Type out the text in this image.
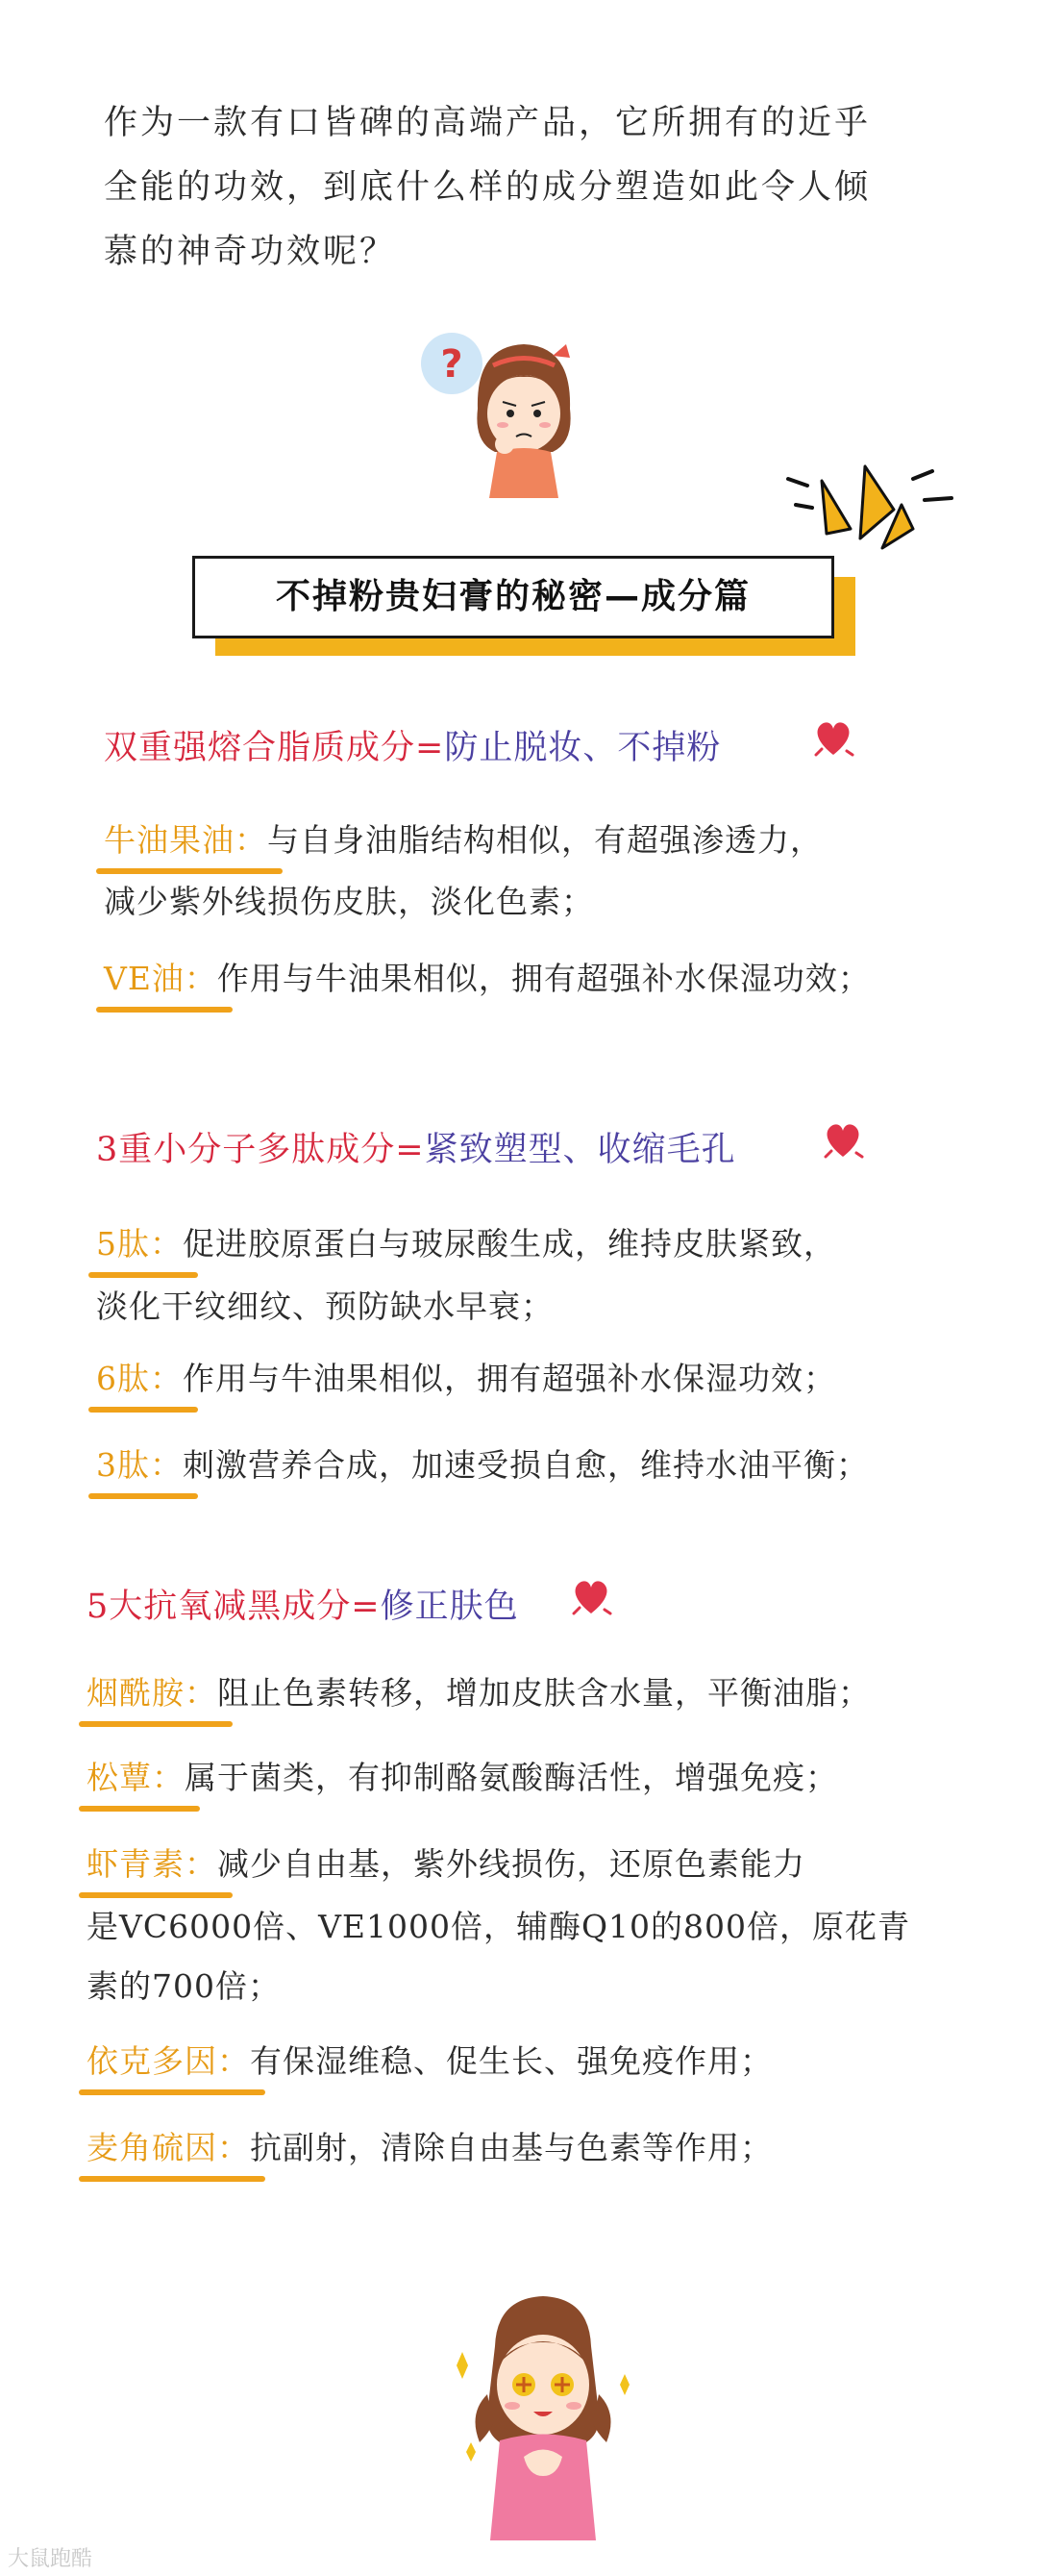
作为一款有口皆碑的高端产品，它所拥有的近乎
全能的功效，到底什么样的成分塑造如此令人倾
慕的神奇功效呢？
?
不掉粉贵妇膏的秘密—成分篇
双重强熔合脂质成分=防止脱妆、不掉粉
牛油果油：
与自身油脂结构相似，有超强渗透力，
减少紫外线损伤皮肤，淡化色素；
VE油：
作用与牛油果相似，拥有超强补水保湿功效；
3重小分子多肽成分=紧致塑型、收缩毛孔
5肽：
促进胶原蛋白与玻尿酸生成，维持皮肤紧致，
淡化干纹细纹、预防缺水早衰；
6肽：
作用与牛油果相似，拥有超强补水保湿功效；
3肽：
刺激营养合成，加速受损自愈，维持水油平衡；
5大抗氧减黑成分=修正肤色
烟酰胺：
阻止色素转移，增加皮肤含水量，平衡油脂；
松蕈：
属于菌类，有抑制酪氨酸酶活性，增强免疫；
虾青素：
减少自由基，紫外线损伤，还原色素能力
是VC6000倍、VE1000倍，辅酶Q10的800倍，原花青
素的700倍；
依克多因：
有保湿维稳、促生长、强免疫作用；
麦角硫因：
抗副射，清除自由基与色素等作用；
大鼠跑酷
